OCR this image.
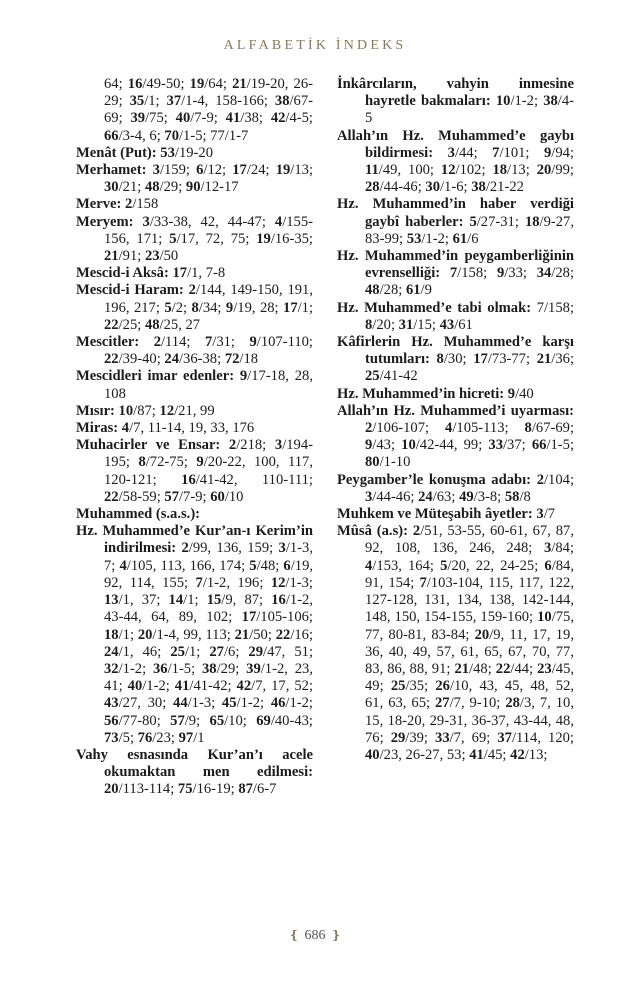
ALFABETİK İNDEKS

64; 16/49-50; 19/64; 21/19-20, 26-29; 35/1; 37/1-4, 158-166; 38/67-69; 39/75; 40/7-9; 41/38; 42/4-5; 66/3-4, 6; 70/1-5; 77/1-7

Menât (Put): 53/19-20

Merhamet: 3/159; 6/12; 17/24; 19/13; 30/21; 48/29; 90/12-17

Merve: 2/158

Meryem: 3/33-38, 42, 44-47; 4/155-156, 171; 5/17, 72, 75; 19/16-35; 21/91; 23/50

Mescid-i Aksâ: 17/1, 7-8

Mescid-i Haram: 2/144, 149-150, 191, 196, 217; 5/2; 8/34; 9/19, 28; 17/1; 22/25; 48/25, 27

Mescitler: 2/114; 7/31; 9/107-110; 22/39-40; 24/36-38; 72/18

Mescidleri imar edenler: 9/17-18, 28, 108

Mısır: 10/87; 12/21, 99

Miras: 4/7, 11-14, 19, 33, 176

Muhacirler ve Ensar: 2/218; 3/194-195; 8/72-75; 9/20-22, 100, 117, 120-121; 16/41-42, 110-111; 22/58-59; 57/7-9; 60/10

Muhammed (s.a.s.):

Hz. Muhammed’e Kur’an-ı Kerim’in indirilmesi: 2/99, 136, 159; 3/1-3, 7; 4/105, 113, 166, 174; 5/48; 6/19, 92, 114, 155; 7/1-2, 196; 12/1-3; 13/1, 37; 14/1; 15/9, 87; 16/1-2, 43-44, 64, 89, 102; 17/105-106; 18/1; 20/1-4, 99, 113; 21/50; 22/16; 24/1, 46; 25/1; 27/6; 29/47, 51; 32/1-2; 36/1-5; 38/29; 39/1-2, 23, 41; 40/1-2; 41/41-42; 42/7, 17, 52; 43/27, 30; 44/1-3; 45/1-2; 46/1-2; 56/77-80; 57/9; 65/10; 69/40-43; 73/5; 76/23; 97/1

Vahy esnasında Kur’an’ı acele okumaktan men edilmesi: 20/113-114; 75/16-19; 87/6-7

İnkârcıların, vahyin inmesine hayretle bakmaları: 10/1-2; 38/4-5

Allah’ın Hz. Muhammed’e gaybı bildirmesi: 3/44; 7/101; 9/94; 11/49, 100; 12/102; 18/13; 20/99; 28/44-46; 30/1-6; 38/21-22

Hz. Muhammed’in haber verdiği gaybî haberler: 5/27-31; 18/9-27, 83-99; 53/1-2; 61/6

Hz. Muhammed’in peygamberliğinin evrenselliği: 7/158; 9/33; 34/28; 48/28; 61/9

Hz. Muhammed’e tabi olmak: 7/158; 8/20; 31/15; 43/61

Kâfirlerin Hz. Muhammed’e karşı tutumları: 8/30; 17/73-77; 21/36; 25/41-42

Hz. Muhammed’in hicreti: 9/40

Allah’ın Hz. Muhammed’i uyarması: 2/106-107; 4/105-113; 8/67-69; 9/43; 10/42-44, 99; 33/37; 66/1-5; 80/1-10

Peygamber’le konuşma adabı: 2/104; 3/44-46; 24/63; 49/3-8; 58/8

Muhkem ve Müteşabih âyetler: 3/7

Mûsâ (a.s): 2/51, 53-55, 60-61, 67, 87, 92, 108, 136, 246, 248; 3/84; 4/153, 164; 5/20, 22, 24-25; 6/84, 91, 154; 7/103-104, 115, 117, 122, 127-128, 131, 134, 138, 142-144, 148, 150, 154-155, 159-160; 10/75, 77, 80-81, 83-84; 20/9, 11, 17, 19, 36, 40, 49, 57, 61, 65, 67, 70, 77, 83, 86, 88, 91; 21/48; 22/44; 23/45, 49; 25/35; 26/10, 43, 45, 48, 52, 61, 63, 65; 27/7, 9-10; 28/3, 7, 10, 15, 18-20, 29-31, 36-37, 43-44, 48, 76; 29/39; 33/7, 69; 37/114, 120; 40/23, 26-27, 53; 41/45; 42/13;

❴ 686 ❵
